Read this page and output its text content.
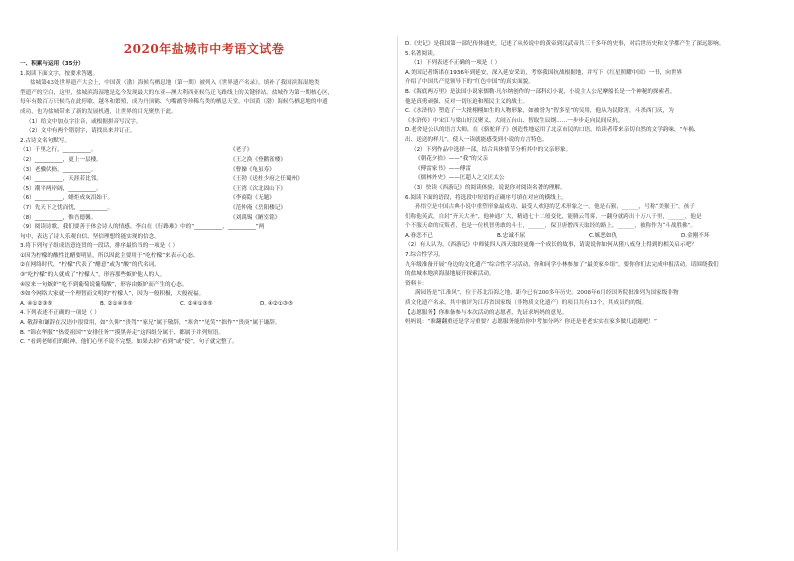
2020年盐城市中考语文试卷
一、积累与运用（35分）
1.阅读下面文字，按要求答题。
盐城第43处世界遗产大会上，中国黄（渤）海候鸟栖息地（第一期）被列入《世界遗产名录》，填补了我国滨海湿地类
型遗产的空白，这里，盐城滨海湿地是迄今发现最大的东亚—澳大利西亚候鸟迁飞路线上的关键驿站，盐城作为第一期核心区，
每年有数百万只候鸟在此停歇、越冬和繁殖，成为丹顶鹤、勺嘴鹬等珍稀鸟类的栖息天堂。中国黄（渤）海候鸟栖息地的申遗
成功，也为盐城带来了新的发展机遇，让世界的目光聚焦于此。
（1）给文中加点字注音，或根据拼音写汉字。
（2）文中有两个错别字，请找出来并订正。
2.古诗文名句默写。
（1）千里之行，__________。	《老子》
（2）__________，更上一层楼。	《王之涣《登鹳雀楼》
（3）老骥伏枥，__________。	《曹操《龟虽寿》
（4）__________，天涯若比邻。	《王勃《送杜少府之任蜀州》
（5）潮平两岸阔，__________。	《王湾《次北固山下》
（6）__________，蜡炬成灰泪始干。	《李商隐《无题》
（7）先天下之忧而忧，__________。	《范仲淹《岳阳楼记》
（8）__________，惟吾德馨。	《刘禹锡《陋室铭》
（9）阅读诗歌，我们要善于体会诗人的情感。李白在《行路难》中的“__________，__________”两
句中，表达了诗人乐观自信、坚信理想终能实现的信念。
3.将下列句子组成语意连贯的一段话，排序最恰当的一项是（ ）
①因为柠檬的酸性比醋要明显，所以因此主要用于“吃柠檬”来表示心态。
②在网络时代，“柠檬”代表了“醋意”或为“酸”的代名词。
③“吃柠檬”的人就成了“柠檬人”，形容那些嫉妒他人的人。
④原来一句嫉妒“吃不到葡萄说葡萄酸”，形容由嫉妒而产生的心态。
⑤如今网络大家就一个理智而文明的“柠檬人”，因为一般积极，大般祝福。
A. ④①②③⑤	B. ②①④③⑤	C. ②④①③⑤	D. ④②①③⑤
4.下列表述不正确的一项是（ ）
A. 敬辞和谦辞在汉语中很常用，如“久仰”“贵驾”“家兄”属于敬辞，“寒舍”“见笑”“拙作”“贵庚”属于谦辞。
B. “锦衣华服”“热爱祖国”“安排任务”“摸黑奔走”这四组分属于，都属于并列短语。
C. “看到老师们的眼神，他们心里不说不完整。如果去掉“看到”或“使”，句子就完整了。
D.《史记》是我国第一部纪传体通史，记述了从传说中的黄帝到汉武帝共三千多年的史事，对后世历史和文学都产生了深远影响。
5.名著阅读。
（1）下列表述不正确的一项是（ ）
A.美国记者斯诺在1936年到延安，深入延安采访，考察我国抗战根据地，并写下《红星照耀中国》一书，向世界
介绍了中国共产党领导下的“红色中国”的真实面貌。
B.《海底两万里》是法国小说家儒勒·凡尔纳创作的一部科幻小说，小说主人公尼摩船长是一个神秘的探索者。
他是真勇顽强、反对一切压迫和殖民主义的战士。
C.《水浒传》塑造了一大批栩栩如生的人物形象，如被誉为“智多星”的吴用，他从为民除害，斗杀西门庆，为
《水浒传》中宋江与梁山好汉聚义、大闹五台山、智取生辰纲……一步步走向民间反抗。
D.老舍是公认的语言大师，在《骆驼祥子》创造性地运用了北京市民的口语，给读者带来亲切自然的文学韵味，“车祸、
出、送送的样儿”，使人一读就能感受到小说的方言特色。
（2）下列作品中选择一部，结合具体情节分析其中的父亲形象。
《朝花夕拾》——“我”的父亲
《傅雷家书》——傅雷
《儒林外史》——匡超人之父匡太公
（3）快读《西游记》的阅读体验，说说你对阅读名著的理解。
6.阅读下面的语段，将选段中短语的正确序号填在对应的横线上。
孙悟空是中国古典小说中重塑形象最成功、最受人欢迎的艺术形象之一。他是石猴，______，号称“美猴王”，孩子
们称他英武，自封“齐天大圣”，他神通广大，精通七十二般变化，能腾云驾雾，一翻身就跨出十万八千里，______，他是
个不服天命的反叛者，也是一位机智勇敢的斗士，______，保卫唐僧西天取经的路上，______，被称作为“斗战胜佛”。
A.眷恋不已	B.忠诚不屈	C.嫉恶如仇	D.金刚不坏
（2）有人认为，《西游记》中师徒四人西天取经更像一个成长的故事，请说说你如何从猪八戒身上得到的相关启示吧？
7.综合性学习。
九年级准备开展“身边的文化遗产”综合性学习活动，你和同学小林参加了“最美家乡组”，要你你们去完成申报活动。请围绕我们
的盐城本地滨海湿地展开探索活动。
资料卡：
满园皆是“江淮风”，位于苏北沿海之地，距今已有200多年历史。2008年6月经国务院批准列为国家级非物
质文化遗产名录，其中被评为江苏省国家级（非物质文化遗产）的项目共有13个，其成员约的级。
【志愿服务】你准备参与本次活动的志愿者，先证求妈妈的意见。
妈妈说：“准翻翻重还是学习重要？志愿服务能给你中考加分吗？你还是老老实实在家多做几道题吧！”
